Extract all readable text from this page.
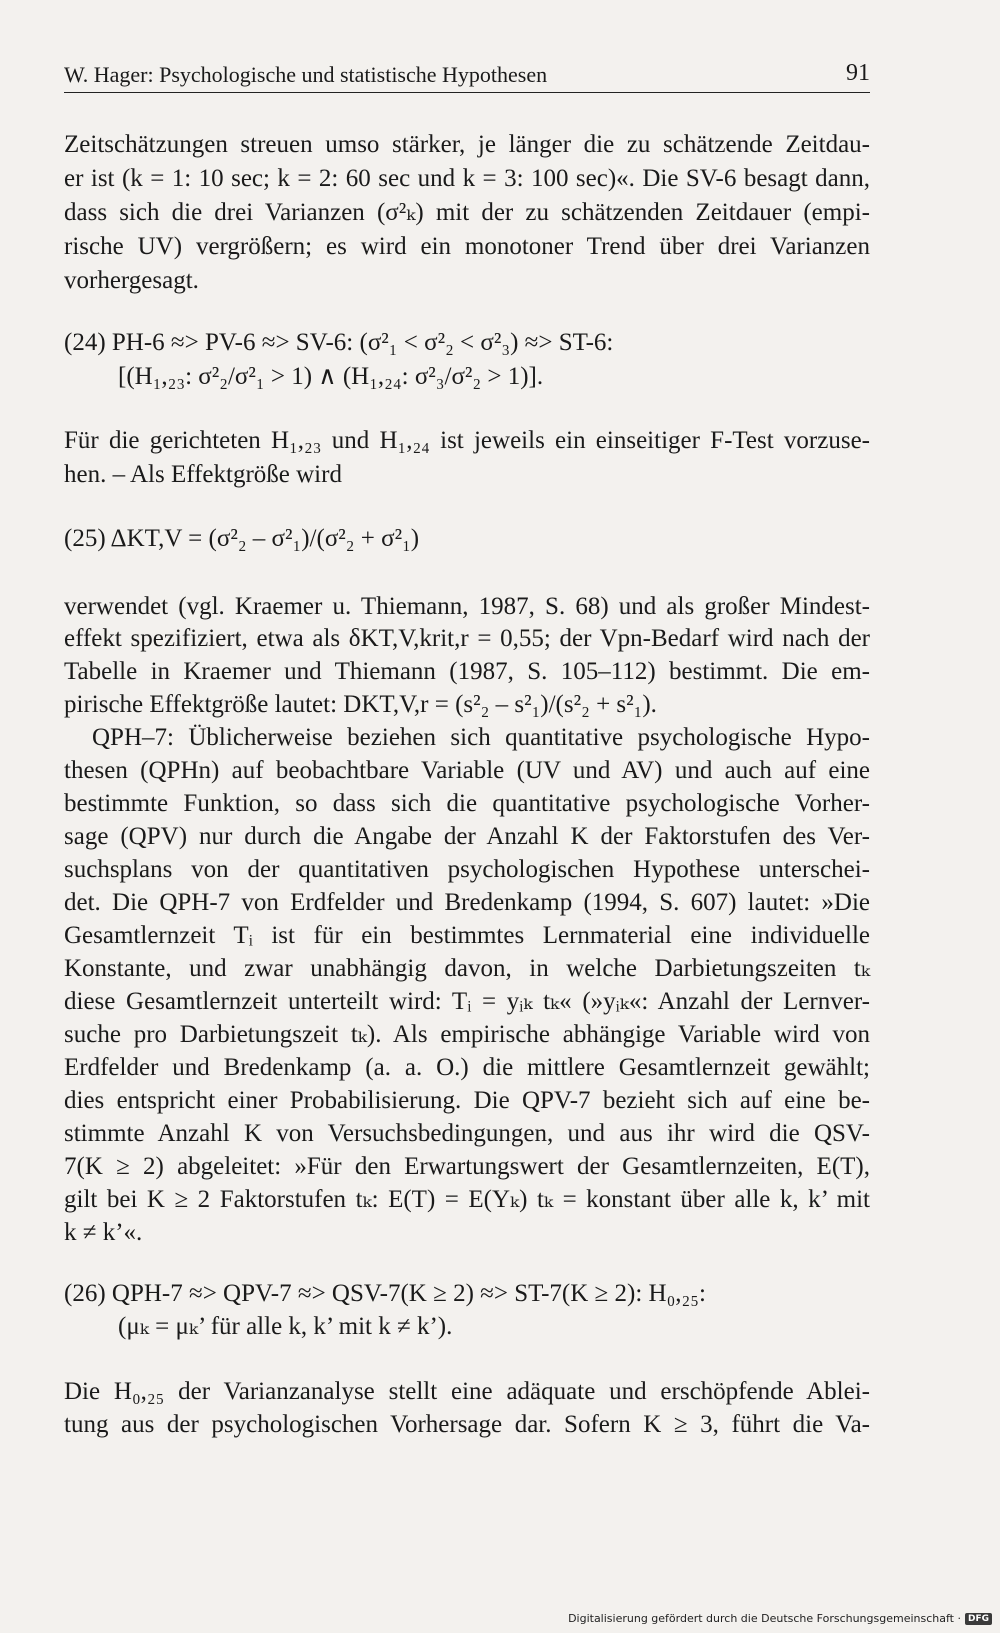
W. Hager: Psychologische und statistische Hypothesen	91
Zeitschätzungen streuen umso stärker, je länger die zu schätzende Zeitdau-
er ist (k = 1: 10 sec; k = 2: 60 sec und k = 3: 100 sec)«. Die SV-6 besagt dann,
dass sich die drei Varianzen (σ²ₖ) mit der zu schätzenden Zeitdauer (empi-
rische UV) vergrößern; es wird ein monotoner Trend über drei Varianzen
vorhergesagt.
(24) PH-6 ≈> PV-6 ≈> SV-6: (σ²₁ < σ²₂ < σ²₃) ≈> ST-6:
[(H₁,₂₃: σ²₂/σ²₁ > 1) ∧ (H₁,₂₄: σ²₃/σ²₂ > 1)].
Für die gerichteten H₁,₂₃ und H₁,₂₄ ist jeweils ein einseitiger F-Test vorzuse-
hen. – Als Effektgröße wird
(25) ΔKT,V = (σ²₂ – σ²₁)/(σ²₂ + σ²₁)
verwendet (vgl. Kraemer u. Thiemann, 1987, S. 68) und als großer Mindest-
effekt spezifiziert, etwa als δKT,V,krit,r = 0,55; der Vpn-Bedarf wird nach der
Tabelle in Kraemer und Thiemann (1987, S. 105–112) bestimmt. Die em-
pirische Effektgröße lautet: DKT,V,r = (s²₂ – s²₁)/(s²₂ + s²₁).
QPH–7: Üblicherweise beziehen sich quantitative psychologische Hypo-
thesen (QPHn) auf beobachtbare Variable (UV und AV) und auch auf eine
bestimmte Funktion, so dass sich die quantitative psychologische Vorher-
sage (QPV) nur durch die Angabe der Anzahl K der Faktorstufen des Ver-
suchsplans von der quantitativen psychologischen Hypothese unterschei-
det. Die QPH-7 von Erdfelder und Bredenkamp (1994, S. 607) lautet: »Die
Gesamtlernzeit Tᵢ ist für ein bestimmtes Lernmaterial eine individuelle
Konstante, und zwar unabhängig davon, in welche Darbietungszeiten tₖ
diese Gesamtlernzeit unterteilt wird: Tᵢ = yᵢₖ tₖ« (»yᵢₖ«: Anzahl der Lernver-
suche pro Darbietungszeit tₖ). Als empirische abhängige Variable wird von
Erdfelder und Bredenkamp (a. a. O.) die mittlere Gesamtlernzeit gewählt;
dies entspricht einer Probabilisierung. Die QPV-7 bezieht sich auf eine be-
stimmte Anzahl K von Versuchsbedingungen, und aus ihr wird die QSV-
7(K ≥ 2) abgeleitet: »Für den Erwartungswert der Gesamtlernzeiten, E(T),
gilt bei K ≥ 2 Faktorstufen tₖ: E(T) = E(Yₖ) tₖ = konstant über alle k, k’ mit
k ≠ k’«.
(26) QPH-7 ≈> QPV-7 ≈> QSV-7(K ≥ 2) ≈> ST-7(K ≥ 2): H₀,₂₅:
(μₖ = μₖ’ für alle k, k’ mit k ≠ k’).
Die H₀,₂₅ der Varianzanalyse stellt eine adäquate und erschöpfende Ablei-
tung aus der psychologischen Vorhersage dar. Sofern K ≥ 3, führt die Va-
Digitalisierung gefördert durch die Deutsche Forschungsgemeinschaft · DFG
